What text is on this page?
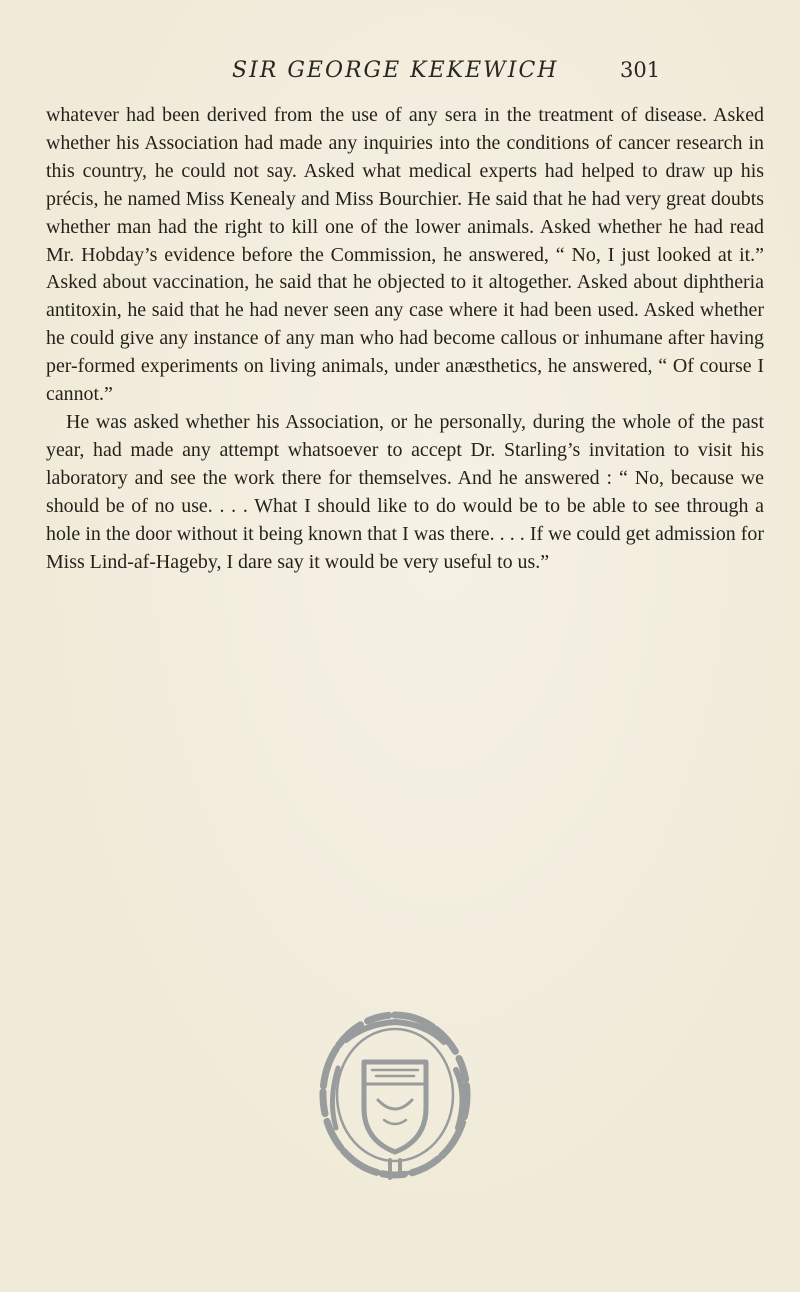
SIR GEORGE KEKEWICH	301

whatever had been derived from the use of any sera in the treatment of disease. Asked whether his Association had made any inquiries into the conditions of cancer research in this country, he could not say. Asked what medical experts had helped to draw up his précis, he named Miss Kenealy and Miss Bourchier. He said that he had very great doubts whether man had the right to kill one of the lower animals. Asked whether he had read Mr. Hobday’s evidence before the Commission, he answered, “ No, I just looked at it.” Asked about vaccination, he said that he objected to it altogether. Asked about diphtheria antitoxin, he said that he had never seen any case where it had been used. Asked whether he could give any instance of any man who had become callous or inhumane after having per-formed experiments on living animals, under anæsthetics, he answered, “ Of course I cannot.”

He was asked whether his Association, or he personally, during the whole of the past year, had made any attempt whatsoever to accept Dr. Starling’s invitation to visit his laboratory and see the work there for themselves. And he answered : “ No, because we should be of no use. . . . What I should like to do would be to be able to see through a hole in the door without it being known that I was there. . . . If we could get admission for Miss Lind-af-Hageby, I dare say it would be very useful to us.”
